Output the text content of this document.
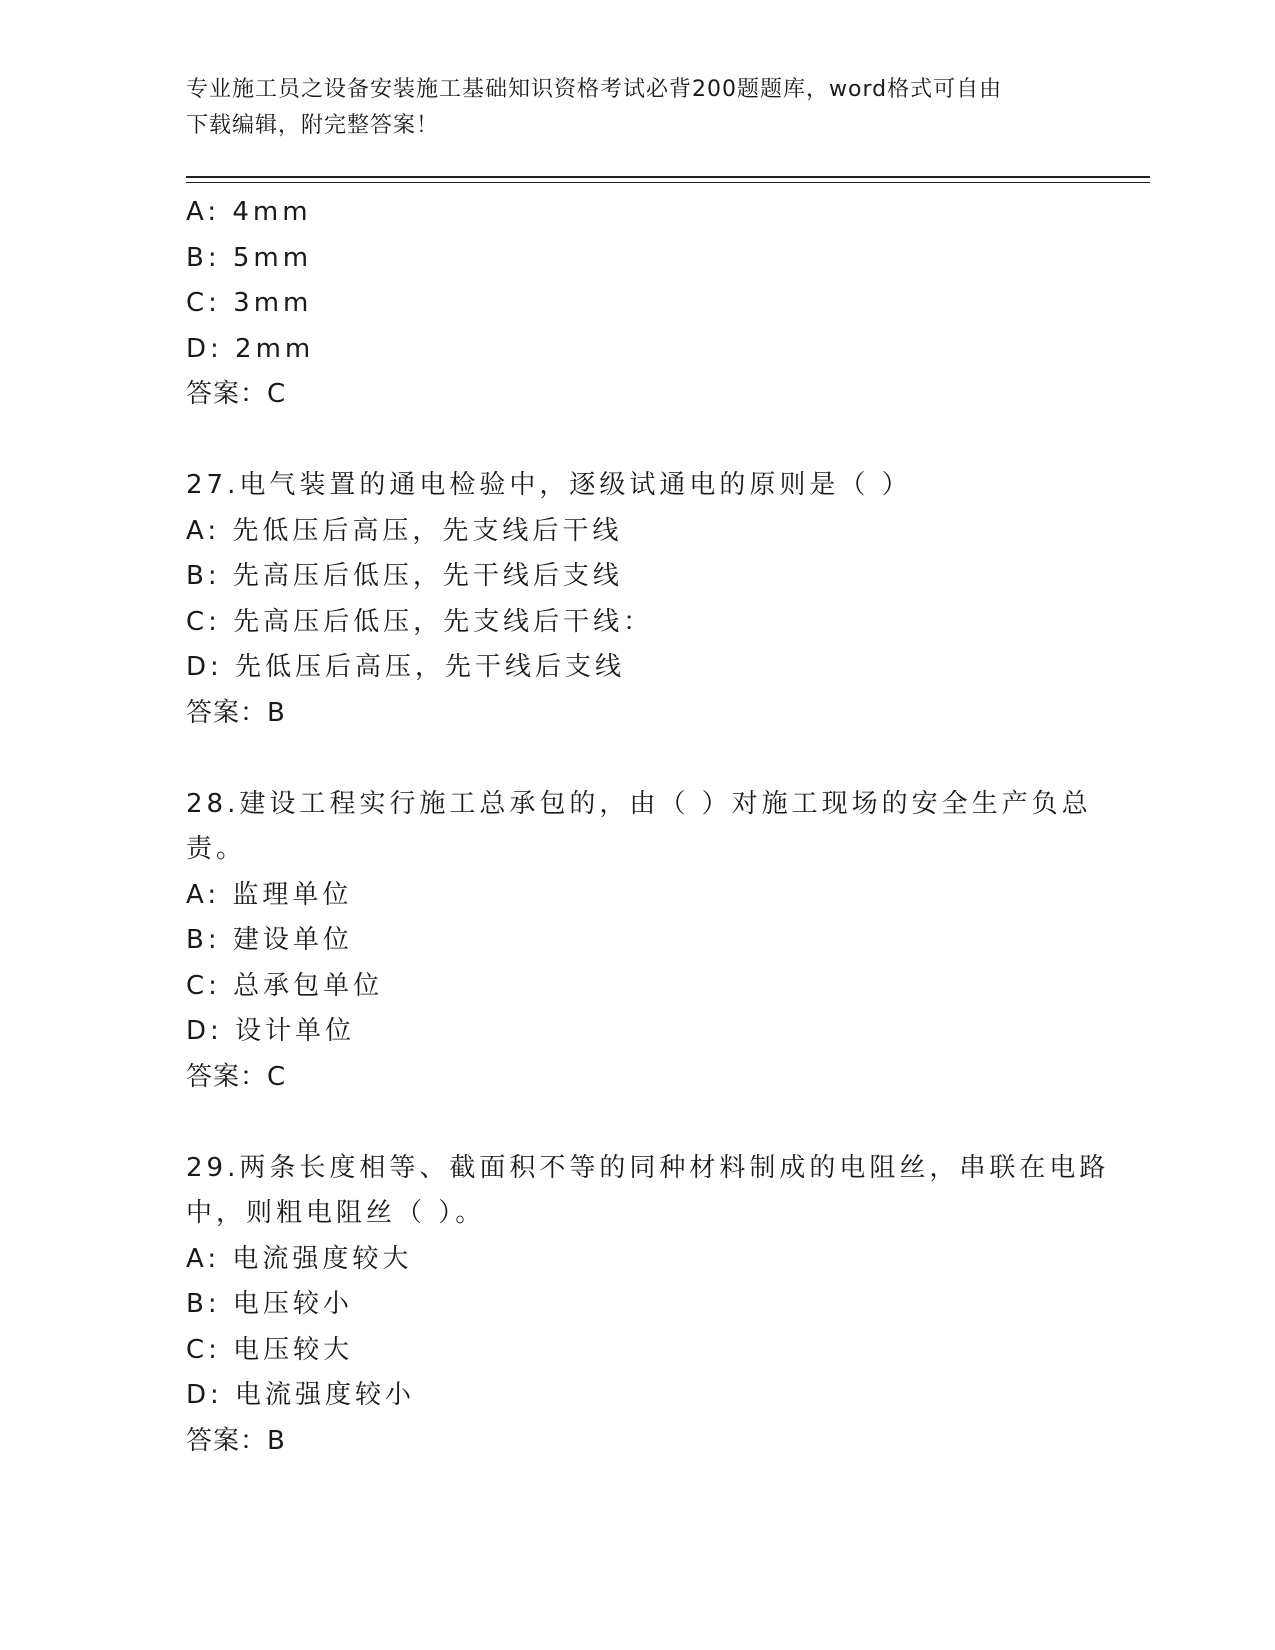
专业施工员之设备安装施工基础知识资格考试必背200题题库，word格式可自由
下载编辑，附完整答案！
A: 4mm
B: 5mm
C: 3mm
D: 2mm
答案：C
27.电气装置的通电检验中，逐级试通电的原则是（ ）
A: 先低压后高压，先支线后干线
B: 先高压后低压，先干线后支线
C: 先高压后低压，先支线后干线：
D: 先低压后高压，先干线后支线
答案：B
28.建设工程实行施工总承包的，由（ ）对施工现场的安全生产负总
责。
A: 监理单位
B: 建设单位
C: 总承包单位
D: 设计单位
答案：C
29.两条长度相等、截面积不等的同种材料制成的电阻丝，串联在电路
中，则粗电阻丝（ ）。
A: 电流强度较大
B: 电压较小
C: 电压较大
D: 电流强度较小
答案：B
